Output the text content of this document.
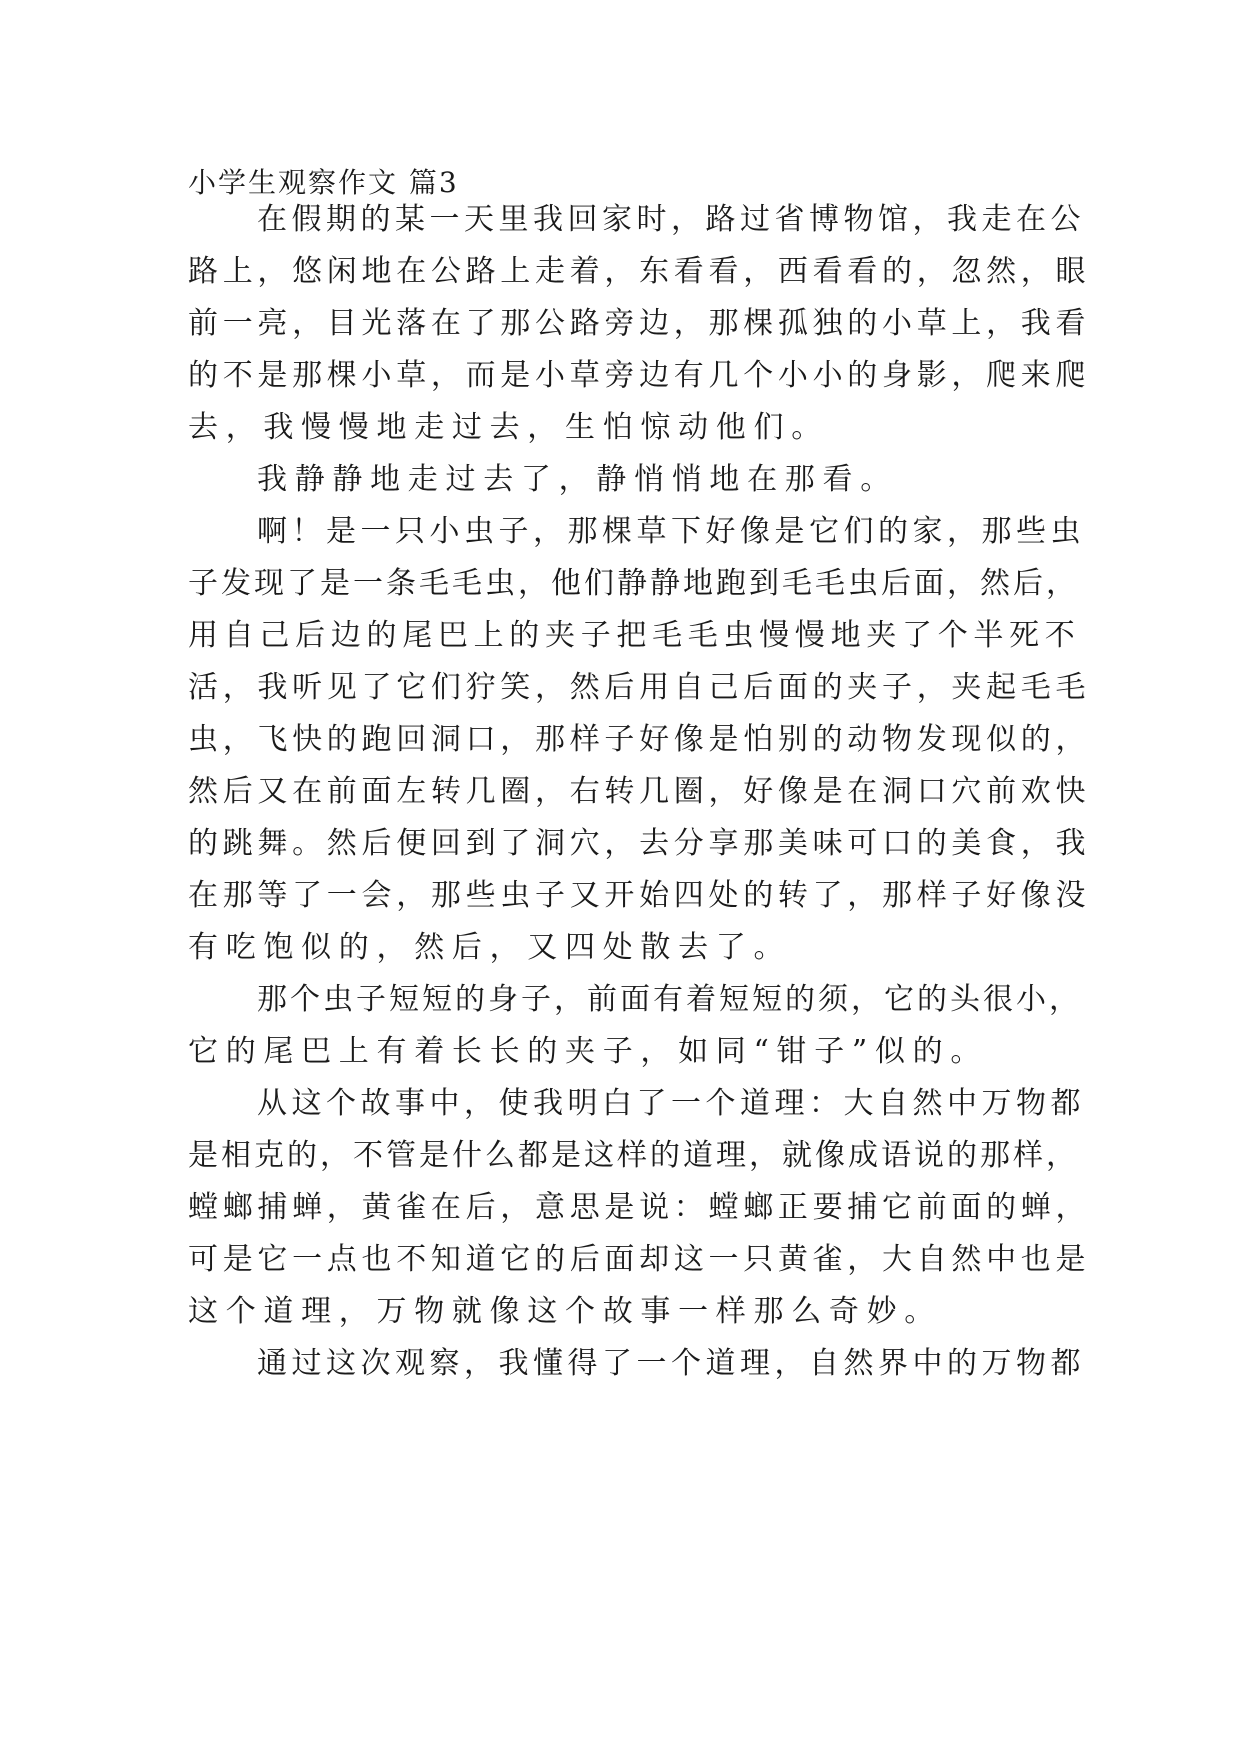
小学生观察作文 篇3
在假期的某一天里我回家时，路过省博物馆，我走在公
路上，悠闲地在公路上走着，东看看，西看看的，忽然，眼
前一亮，目光落在了那公路旁边，那棵孤独的小草上，我看
的不是那棵小草，而是小草旁边有几个小小的身影，爬来爬
去，我慢慢地走过去，生怕惊动他们。
我静静地走过去了，静悄悄地在那看。
啊！是一只小虫子，那棵草下好像是它们的家，那些虫
子发现了是一条毛毛虫，他们静静地跑到毛毛虫后面，然后，
用自己后边的尾巴上的夹子把毛毛虫慢慢地夹了个半死不
活，我听见了它们狞笑，然后用自己后面的夹子，夹起毛毛
虫，飞快的跑回洞口，那样子好像是怕别的动物发现似的，
然后又在前面左转几圈，右转几圈，好像是在洞口穴前欢快
的跳舞。然后便回到了洞穴，去分享那美味可口的美食，我
在那等了一会，那些虫子又开始四处的转了，那样子好像没
有吃饱似的，然后，又四处散去了。
那个虫子短短的身子，前面有着短短的须，它的头很小，
它的尾巴上有着长长的夹子，如同“钳子”似的。
从这个故事中，使我明白了一个道理：大自然中万物都
是相克的，不管是什么都是这样的道理，就像成语说的那样，
螳螂捕蝉，黄雀在后，意思是说：螳螂正要捕它前面的蝉，
可是它一点也不知道它的后面却这一只黄雀，大自然中也是
这个道理，万物就像这个故事一样那么奇妙。
通过这次观察，我懂得了一个道理，自然界中的万物都
